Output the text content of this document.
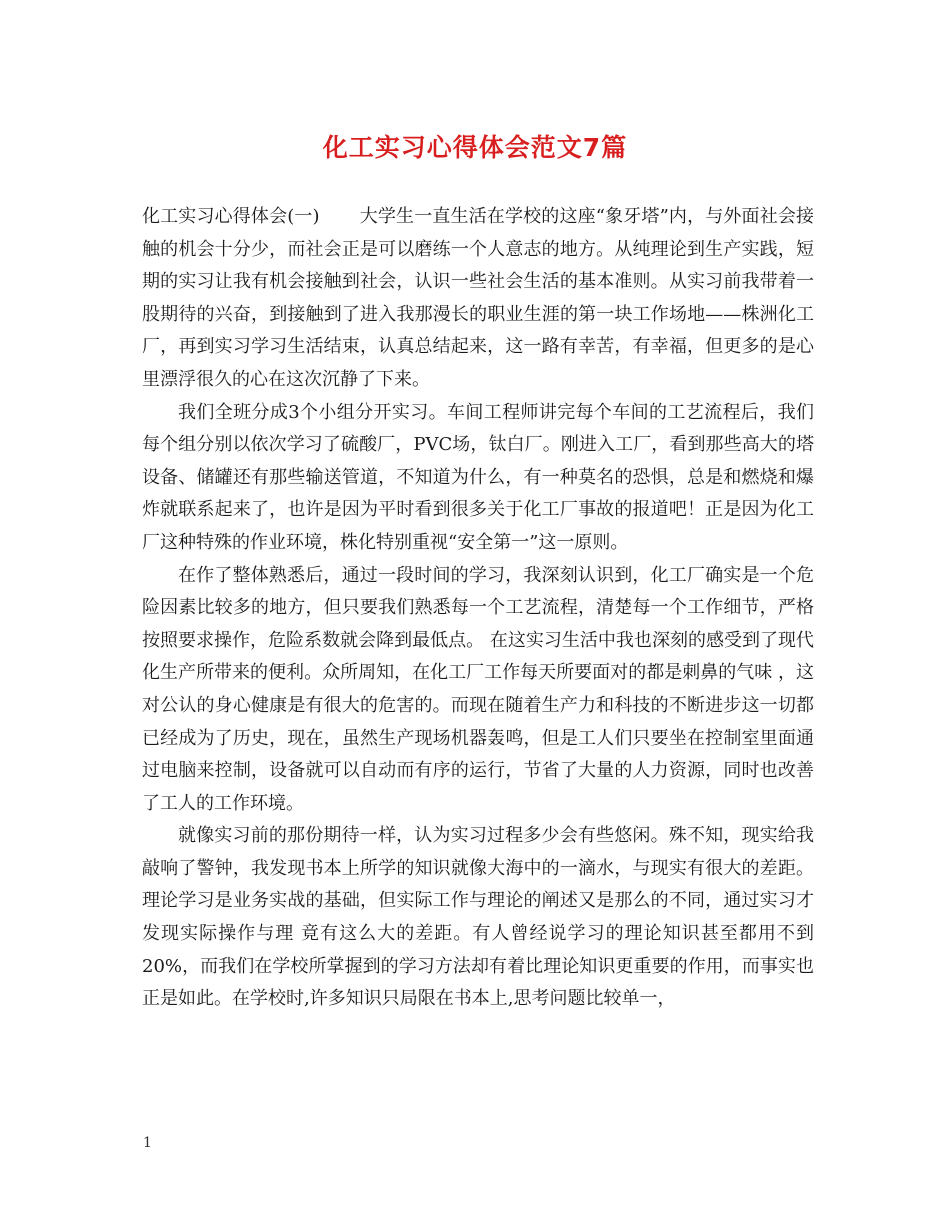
化工实习心得体会范文7篇

化工实习心得体会(一) 大学生一直生活在学校的这座“象牙塔”内，与外面社会接触的机会十分少，而社会正是可以磨练一个人意志的地方。从纯理论到生产实践，短期的实习让我有机会接触到社会，认识一些社会生活的基本准则。从实习前我带着一股期待的兴奋，到接触到了进入我那漫长的职业生涯的第一块工作场地——株洲化工厂，再到实习学习生活结束，认真总结起来，这一路有幸苦，有幸福，但更多的是心里漂浮很久的心在这次沉静了下来。

我们全班分成3个小组分开实习。车间工程师讲完每个车间的工艺流程后，我们每个组分别以依次学习了硫酸厂，PVC场，钛白厂。刚进入工厂，看到那些高大的塔设备、储罐还有那些输送管道，不知道为什么，有一种莫名的恐惧，总是和燃烧和爆炸就联系起来了，也许是因为平时看到很多关于化工厂事故的报道吧！正是因为化工厂这种特殊的作业环境，株化特别重视“安全第一”这一原则。

在作了整体熟悉后，通过一段时间的学习，我深刻认识到，化工厂确实是一个危险因素比较多的地方，但只要我们熟悉每一个工艺流程，清楚每一个工作细节，严格按照要求操作，危险系数就会降到最低点。 在这实习生活中我也深刻的感受到了现代化生产所带来的便利。众所周知，在化工厂工作每天所要面对的都是刺鼻的气味 ，这对公认的身心健康是有很大的危害的。而现在随着生产力和科技的不断进步这一切都已经成为了历史，现在，虽然生产现场机器轰鸣，但是工人们只要坐在控制室里面通过电脑来控制，设备就可以自动而有序的运行，节省了大量的人力资源，同时也改善了工人的工作环境。

就像实习前的那份期待一样，认为实习过程多少会有些悠闲。殊不知，现实给我敲响了警钟，我发现书本上所学的知识就像大海中的一滴水，与现实有很大的差距。理论学习是业务实战的基础，但实际工作与理论的阐述又是那么的不同，通过实习才发现实际操作与理 竟有这么大的差距。有人曾经说学习的理论知识甚至都用不到20%，而我们在学校所掌握到的学习方法却有着比理论知识更重要的作用，而事实也正是如此。在学校时,许多知识只局限在书本上,思考问题比较单一，

1
